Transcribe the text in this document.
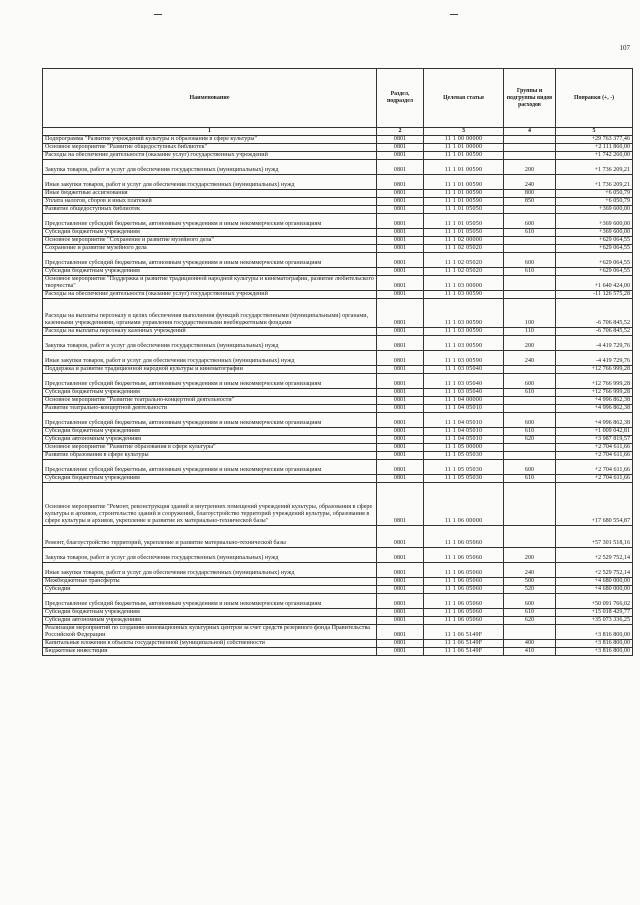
107
Наименование	Раздел, подраздел	Целевая статья	Группы и подгруппы видов расходов	Поправки (+, -)
1	2	3	4	5
Подпрограмма "Развитие учреждений культуры и образования в сфере культуры"	0801	11 1 00 00000		+29 763 377,46
Основное мероприятие "Развитие общедоступных библиотек"	0801	11 1 01 00000		+2 111 860,00
Расходы на обеспечение деятельности (оказание услуг) государственных учреждений	0801	11 1 01 00590		+1 742 260,00
Закупка товаров, работ и услуг для обеспечения государственных (муниципальных) нужд	0801	11 1 01 00590	200	+1 736 209,21
Иные закупки товаров, работ и услуг для обеспечения государственных (муниципальных) нужд	0801	11 1 01 00590	240	+1 736 209,21
Иные бюджетные ассигнования	0801	11 1 01 00590	800	+6 050,79
Уплата налогов, сборов и иных платежей	0801	11 1 01 00590	850	+6 050,79
Развитие общедоступных библиотек	0801	11 1 01 05050		+369 600,00
Предоставление субсидий бюджетным, автономным учреждениям и иным некоммерческим организациям	0801	11 1 01 05050	600	+369 600,00
Субсидии бюджетным учреждениям	0801	11 1 01 05050	610	+369 600,00
Основное мероприятие "Сохранение и развитие музейного дела"	0801	11 1 02 00000		+629 064,55
Сохранение и развитие музейного дела	0801	11 1 02 05020		+629 064,55
Предоставление субсидий бюджетным, автономным учреждениям и иным некоммерческим организациям	0801	11 1 02 05020	600	+629 064,55
Субсидии бюджетным учреждениям	0801	11 1 02 05020	610	+629 064,55
Основное мероприятие "Поддержка и развитие традиционной народной культуры и кинематографии, развитие любительского творчества"	0801	11 1 03 00000		+1 640 424,00
Расходы на обеспечение деятельности (оказание услуг) государственных учреждений	0801	11 1 03 00590		-11 126 575,28
Расходы на выплаты персоналу в целях обеспечения выполнения функций государственными (муниципальными) органами, казенными учреждениями, органами управления государственными внебюджетными фондами	0801	11 1 03 00590	100	-6 706 845,52
Расходы на выплаты персоналу казенных учреждений	0801	11 1 03 00590	110	-6 706 845,52
Закупка товаров, работ и услуг для обеспечения государственных (муниципальных) нужд	0801	11 1 03 00590	200	-4 419 729,76
Иные закупки товаров, работ и услуг для обеспечения государственных (муниципальных) нужд	0801	11 1 03 00590	240	-4 419 729,76
Поддержка и развитие традиционной народной культуры и кинематографии	0801	11 1 03 05040		+12 766 999,28
Предоставление субсидий бюджетным, автономным учреждениям и иным некоммерческим организациям	0801	11 1 03 05040	600	+12 766 999,28
Субсидии бюджетным учреждениям	0801	11 1 03 05040	610	+12 766 999,28
Основное мероприятие "Развитие театрально-концертной деятельности"	0801	11 1 04 00000		+4 996 862,38
Развитие театрально-концертной деятельности	0801	11 1 04 05010		+4 996 862,38
Предоставление субсидий бюджетным, автономным учреждениям и иным некоммерческим организациям	0801	11 1 04 05010	600	+4 996 862,38
Субсидии бюджетным учреждениям	0801	11 1 04 05010	610	+1 009 042,81
Субсидии автономным учреждениям	0801	11 1 04 05010	620	+3 987 819,57
Основное мероприятие "Развитие образования в сфере культуры"	0801	11 1 05 00000		+2 704 611,66
Развитие образования в сфере культуры	0801	11 1 05 05030		+2 704 611,66
Предоставление субсидий бюджетным, автономным учреждениям и иным некоммерческим организациям	0801	11 1 05 05030	600	+2 704 611,66
Субсидии бюджетным учреждениям	0801	11 1 05 05030	610	+2 704 611,66
Основное мероприятие "Ремонт, реконструкция зданий и внутренних помещений учреждений культуры, образования в сфере культуры и архивов, строительство зданий и сооружений, благоустройство территорий учреждений культуры, образования в сфере культуры и архивов, укрепление и развитие их материально-технической базы"	0801	11 1 06 00000		+17 680 554,87
Ремонт, благоустройство территорий, укрепление и развитие материально-технической базы	0801	11 1 06 05060		+57 301 518,16
Закупка товаров, работ и услуг для обеспечения государственных (муниципальных) нужд	0801	11 1 06 05060	200	+2 529 752,14
Иные закупки товаров, работ и услуг для обеспечения государственных (муниципальных) нужд	0801	11 1 06 05060	240	+2 529 752,14
Межбюджетные трансферты	0801	11 1 06 05060	500	+4 680 000,00
Субсидии	0801	11 1 06 05060	520	+4 680 000,00
Предоставление субсидий бюджетным, автономным учреждениям и иным некоммерческим организациям	0801	11 1 06 05060	600	+50 091 766,02
Субсидии бюджетным учреждениям	0801	11 1 06 05060	610	+15 018 429,77
Субсидии автономным учреждениям	0801	11 1 06 05060	620	+35 073 336,25
Реализация мероприятий по созданию инновационных культурных центров за счет средств резервного фонда Правительства Российской Федерации	0801	11 1 06 5149F		+3 816 800,00
Капитальные вложения в объекты государственной (муниципальной) собственности	0801	11 1 06 5149F	400	+3 816 800,00
Бюджетные инвестиции	0801	11 1 06 5149F	410	+3 816 800,00
